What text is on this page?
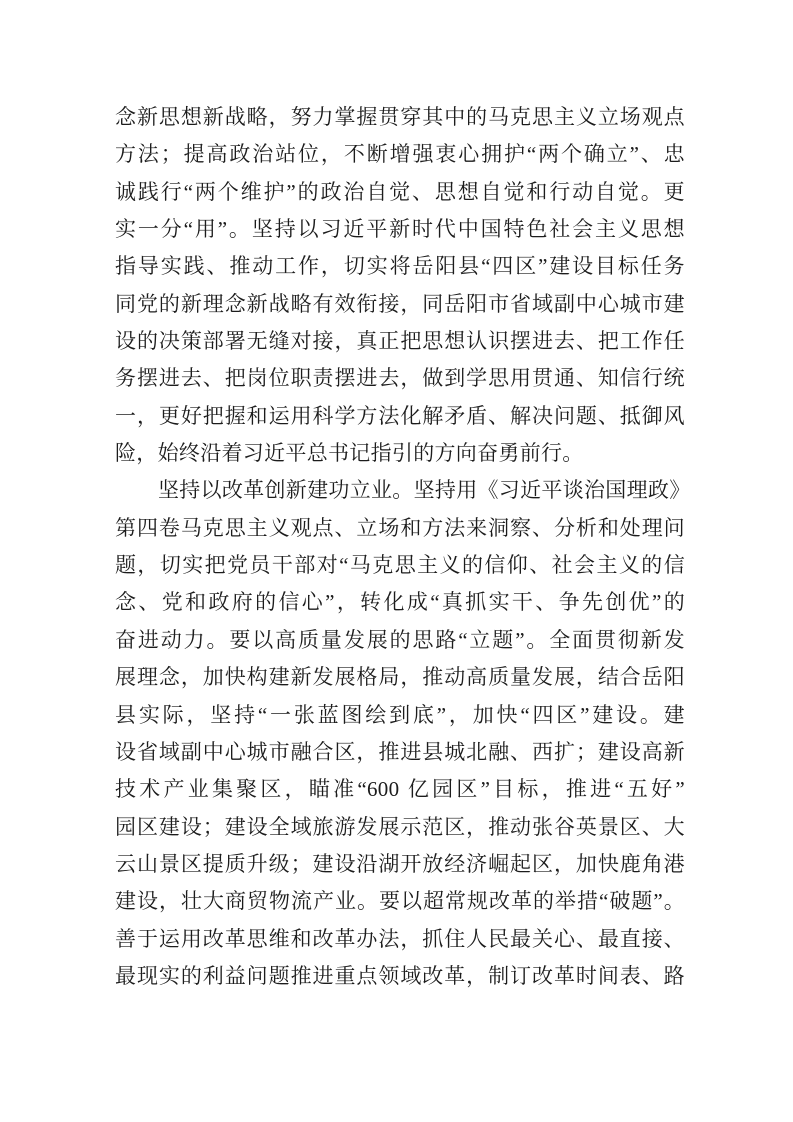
念新思想新战略，努力掌握贯穿其中的马克思主义立场观点
方法；提高政治站位，不断增强衷心拥护“两个确立”、忠
诚践行“两个维护”的政治自觉、思想自觉和行动自觉。更
实一分“用”。坚持以习近平新时代中国特色社会主义思想
指导实践、推动工作，切实将岳阳县“四区”建设目标任务
同党的新理念新战略有效衔接，同岳阳市省域副中心城市建
设的决策部署无缝对接，真正把思想认识摆进去、把工作任
务摆进去、把岗位职责摆进去，做到学思用贯通、知信行统
一，更好把握和运用科学方法化解矛盾、解决问题、抵御风
险，始终沿着习近平总书记指引的方向奋勇前行。
坚持以改革创新建功立业。坚持用《习近平谈治国理政》
第四卷马克思主义观点、立场和方法来洞察、分析和处理问
题，切实把党员干部对“马克思主义的信仰、社会主义的信
念、党和政府的信心”，转化成“真抓实干、争先创优”的
奋进动力。要以高质量发展的思路“立题”。全面贯彻新发
展理念，加快构建新发展格局，推动高质量发展，结合岳阳
县实际，坚持“一张蓝图绘到底”，加快“四区”建设。建
设省域副中心城市融合区，推进县城北融、西扩；建设高新
技术产业集聚区，瞄准“600 亿园区”目标，推进“五好”
园区建设；建设全域旅游发展示范区，推动张谷英景区、大
云山景区提质升级；建设沿湖开放经济崛起区，加快鹿角港
建设，壮大商贸物流产业。要以超常规改革的举措“破题”。
善于运用改革思维和改革办法，抓住人民最关心、最直接、
最现实的利益问题推进重点领域改革，制订改革时间表、路
